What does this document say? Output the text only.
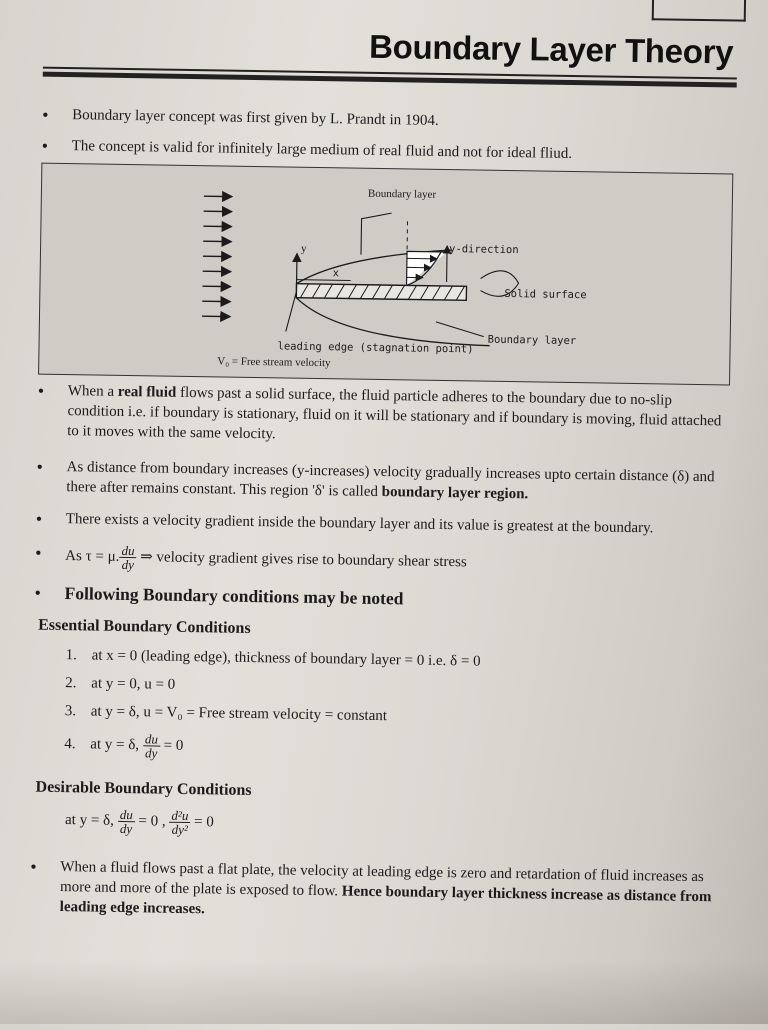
Boundary Layer Theory
• Boundary layer concept was first given by L. Prandt in 1904.
• The concept is valid for infinitely large medium of real fluid and not for ideal fliud.
Boundary layer
y
x
y-direction
Solid surface
Boundary layer
leading edge (stagnation point)
V₀ = Free stream velocity
• When a real fluid flows past a solid surface, the fluid particle adheres to the boundary due to no-slip condition i.e. if boundary is stationary, fluid on it will be stationary and if boundary is moving, fluid attached to it moves with the same velocity.
• As distance from boundary increases (y-increases) velocity gradually increases upto certain distance (δ) and there after remains constant. This region 'δ' is called boundary layer region.
• There exists a velocity gradient inside the boundary layer and its value is greatest at the boundary.
• As τ = μ. $\frac{du}{dy}$ ⇒ velocity gradient gives rise to boundary shear stress
• Following Boundary conditions may be noted
Essential Boundary Conditions
1. at x = 0 (leading edge), thickness of boundary layer = 0 i.e. δ = 0
2. at y = 0, u = 0
3. at y = δ, u = V₀ = Free stream velocity = constant
4. at y = δ, $\frac{du}{dy} = 0$
Desirable Boundary Conditions
at y = δ, $\frac{du}{dy} = 0$ , $\frac{\text{d²u}}{\text{dy²}} = 0$
• When a fluid flows past a flat plate, the velocity at leading edge is zero and retardation of fluid increases as more and more of the plate is exposed to flow. Hence boundary layer thickness increase as distance from leading edge increases.
